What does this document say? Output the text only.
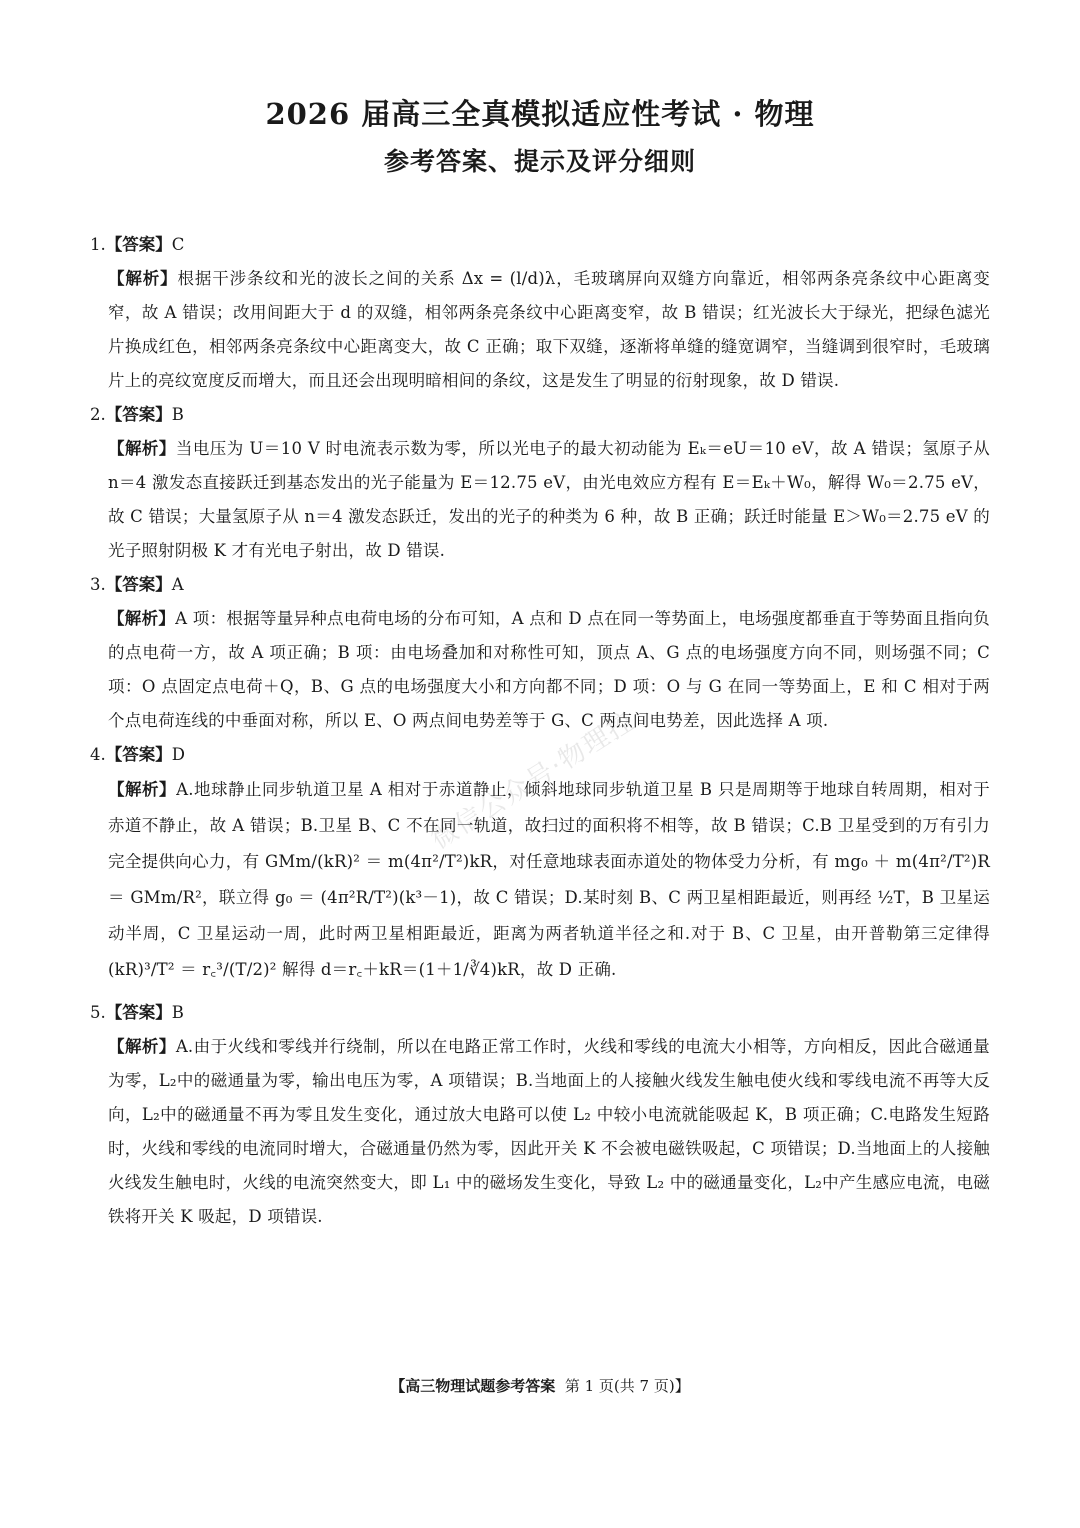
2026 届高三全真模拟适应性考试 · 物理
参考答案、提示及评分细则
微信公众号·物理控
1.【答案】C
【解析】根据干涉条纹和光的波长之间的关系 Δx = (l/d)λ，毛玻璃屏向双缝方向靠近，相邻两条亮条纹中心距离变窄，故 A 错误；改用间距大于 d 的双缝，相邻两条亮条纹中心距离变窄，故 B 错误；红光波长大于绿光，把绿色滤光片换成红色，相邻两条亮条纹中心距离变大，故 C 正确；取下双缝，逐渐将单缝的缝宽调窄，当缝调到很窄时，毛玻璃片上的亮纹宽度反而增大，而且还会出现明暗相间的条纹，这是发生了明显的衍射现象，故 D 错误.
2.【答案】B
【解析】当电压为 U＝10 V 时电流表示数为零，所以光电子的最大初动能为 Eₖ＝eU＝10 eV，故 A 错误；氢原子从 n＝4 激发态直接跃迁到基态发出的光子能量为 E＝12.75 eV，由光电效应方程有 E＝Eₖ＋W₀，解得 W₀＝2.75 eV，故 C 错误；大量氢原子从 n＝4 激发态跃迁，发出的光子的种类为 6 种，故 B 正确；跃迁时能量 E＞W₀＝2.75 eV 的光子照射阴极 K 才有光电子射出，故 D 错误.
3.【答案】A
【解析】A 项：根据等量异种点电荷电场的分布可知，A 点和 D 点在同一等势面上，电场强度都垂直于等势面且指向负的点电荷一方，故 A 项正确；B 项：由电场叠加和对称性可知，顶点 A、G 点的电场强度方向不同，则场强不同；C 项：O 点固定点电荷＋Q，B、G 点的电场强度大小和方向都不同；D 项：O 与 G 在同一等势面上，E 和 C 相对于两个点电荷连线的中垂面对称，所以 E、O 两点间电势差等于 G、C 两点间电势差，因此选择 A 项.
4.【答案】D
【解析】A.地球静止同步轨道卫星 A 相对于赤道静止，倾斜地球同步轨道卫星 B 只是周期等于地球自转周期，相对于赤道不静止，故 A 错误；B.卫星 B、C 不在同一轨道，故扫过的面积将不相等，故 B 错误；C.B 卫星受到的万有引力完全提供向心力，有 GMm/(kR)² ＝ m(4π²/T²)kR，对任意地球表面赤道处的物体受力分析，有 mg₀ ＋ m(4π²/T²)R ＝ GMm/R²，联立得 g₀ ＝ (4π²R/T²)(k³－1)，故 C 错误；D.某时刻 B、C 两卫星相距最近，则再经 ½T，B 卫星运动半周，C 卫星运动一周，此时两卫星相距最近，距离为两者轨道半径之和.对于 B、C 卫星，由开普勒第三定律得 (kR)³/T² ＝ r꜀³/(T/2)² 解得 d＝r꜀＋kR＝(1＋1/∛4)kR，故 D 正确.
5.【答案】B
【解析】A.由于火线和零线并行绕制，所以在电路正常工作时，火线和零线的电流大小相等，方向相反，因此合磁通量为零，L₂中的磁通量为零，输出电压为零，A 项错误；B.当地面上的人接触火线发生触电使火线和零线电流不再等大反向，L₂中的磁通量不再为零且发生变化，通过放大电路可以使 L₂ 中较小电流就能吸起 K，B 项正确；C.电路发生短路时，火线和零线的电流同时增大，合磁通量仍然为零，因此开关 K 不会被电磁铁吸起，C 项错误；D.当地面上的人接触火线发生触电时，火线的电流突然变大，即 L₁ 中的磁场发生变化，导致 L₂ 中的磁通量变化，L₂中产生感应电流，电磁铁将开关 K 吸起，D 项错误.
【高三物理试题参考答案 第 1 页(共 7 页)】
